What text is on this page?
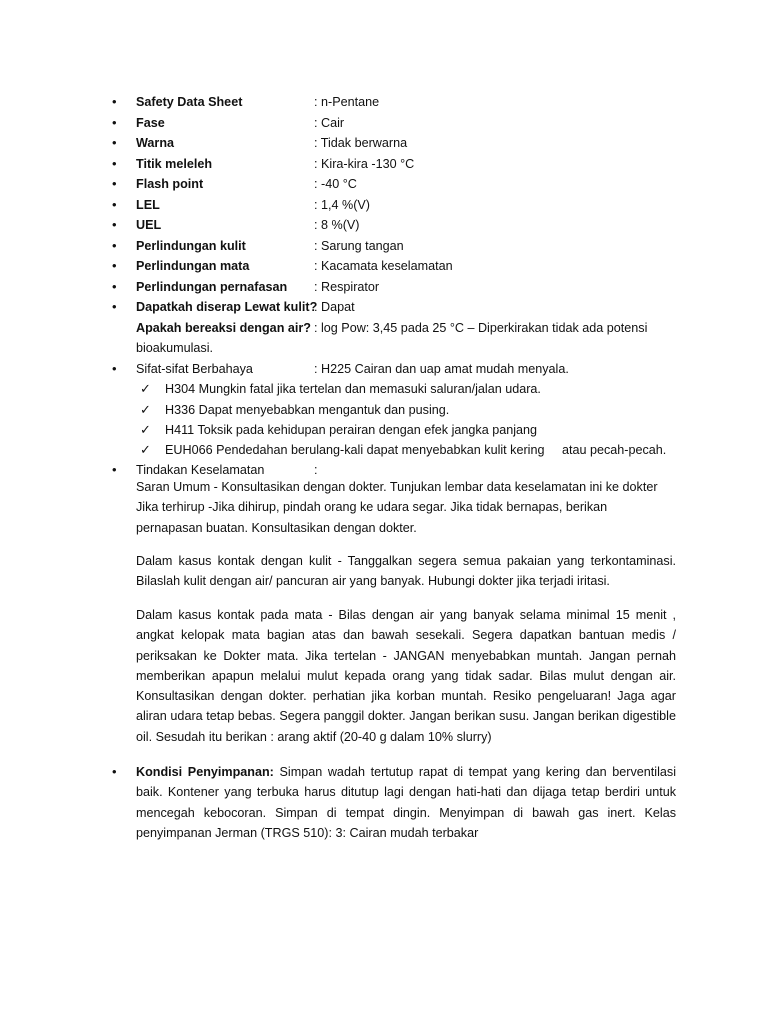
• Safety Data Sheet	: n-Pentane
• Fase	: Cair
• Warna	: Tidak berwarna
• Titik meleleh	: Kira-kira -130 °C
• Flash point	: -40 °C
• LEL	: 1,4 %(V)
• UEL	: 8 %(V)
• Perlindungan kulit	: Sarung tangan
• Perlindungan mata	: Kacamata keselamatan
• Perlindungan pernafasan : Respirator
• Dapatkah diserap Lewat kulit?
: Dapat
Apakah bereaksi dengan air? : log Pow: 3,45 pada 25 °C – Diperkirakan tidak ada potensi
bioakumulasi.
• Sifat-sifat Berbahaya	: H225 Cairan dan uap amat mudah menyala.
✓ H304 Mungkin fatal jika tertelan dan memasuki saluran/jalan udara.
✓ H336 Dapat menyebabkan mengantuk dan pusing.
✓ H411 Toksik pada kehidupan perairan dengan efek jangka panjang
✓ EUH066 Pendedahan berulang-kali dapat menyebabkan kulit kering     atau pecah-pecah.
• Tindakan Keselamatan	:
Saran Umum - Konsultasikan dengan dokter. Tunjukan lembar data keselamatan ini ke dokter Jika terhirup -Jika dihirup, pindah orang ke udara segar. Jika tidak bernapas, berikan pernapasan buatan. Konsultasikan dengan dokter.
Dalam kasus kontak dengan kulit - Tanggalkan segera semua pakaian yang terkontaminasi. Bilaslah kulit dengan air/ pancuran air yang banyak. Hubungi dokter jika terjadi iritasi.
Dalam kasus kontak pada mata - Bilas dengan air yang banyak selama minimal 15 menit , angkat kelopak mata bagian atas dan bawah sesekali. Segera dapatkan bantuan medis / periksakan ke Dokter mata. Jika tertelan - JANGAN menyebabkan muntah. Jangan pernah memberikan apapun melalui mulut kepada orang yang tidak sadar. Bilas mulut dengan air. Konsultasikan dengan dokter. perhatian jika korban muntah. Resiko pengeluaran! Jaga agar aliran udara tetap bebas. Segera panggil dokter. Jangan berikan susu. Jangan berikan digestible oil. Sesudah itu berikan : arang aktif (20-40 g dalam 10% slurry)
• Kondisi Penyimpanan: Simpan wadah tertutup rapat di tempat yang kering dan berventilasi baik. Kontener yang terbuka harus ditutup lagi dengan hati-hati dan dijaga tetap berdiri untuk mencegah kebocoran. Simpan di tempat dingin. Menyimpan di bawah gas inert. Kelas penyimpanan Jerman (TRGS 510): 3: Cairan mudah terbakar
